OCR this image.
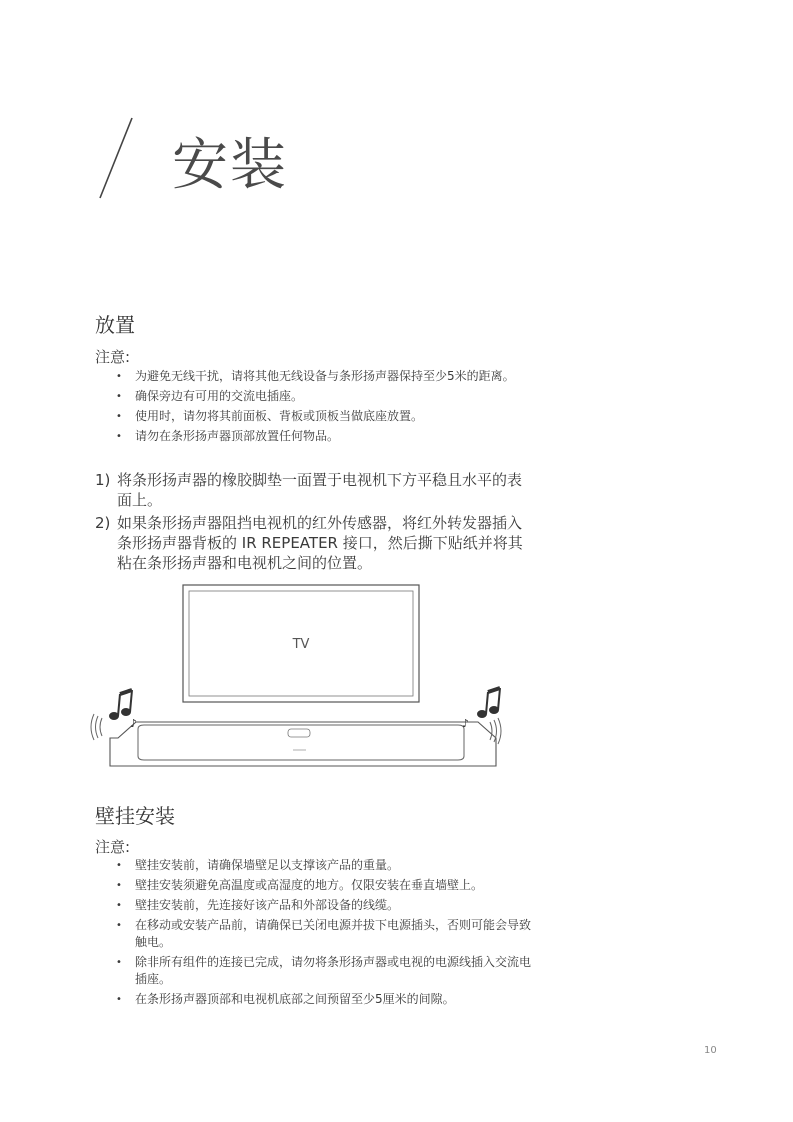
安装
放置
注意:
• 为避免无线干扰，请将其他无线设备与条形扬声器保持至少5米的距离。
• 确保旁边有可用的交流电插座。
• 使用时，请勿将其前面板、背板或顶板当做底座放置。
• 请勿在条形扬声器顶部放置任何物品。
1) 将条形扬声器的橡胶脚垫一面置于电视机下方平稳且水平的表面上。
2) 如果条形扬声器阻挡电视机的红外传感器，将红外转发器插入条形扬声器背板的 IR REPEATER 接口，然后撕下贴纸并将其粘在条形扬声器和电视机之间的位置。
TV
♪	♪
壁挂安装
注意:
• 壁挂安装前，请确保墙壁足以支撑该产品的重量。
• 壁挂安装须避免高温度或高湿度的地方。仅限安装在垂直墙壁上。
• 壁挂安装前，先连接好该产品和外部设备的线缆。
• 在移动或安装产品前，请确保已关闭电源并拔下电源插头，否则可能会导致触电。
• 除非所有组件的连接已完成，请勿将条形扬声器或电视的电源线插入交流电插座。
• 在条形扬声器顶部和电视机底部之间预留至少5厘米的间隙。
10
